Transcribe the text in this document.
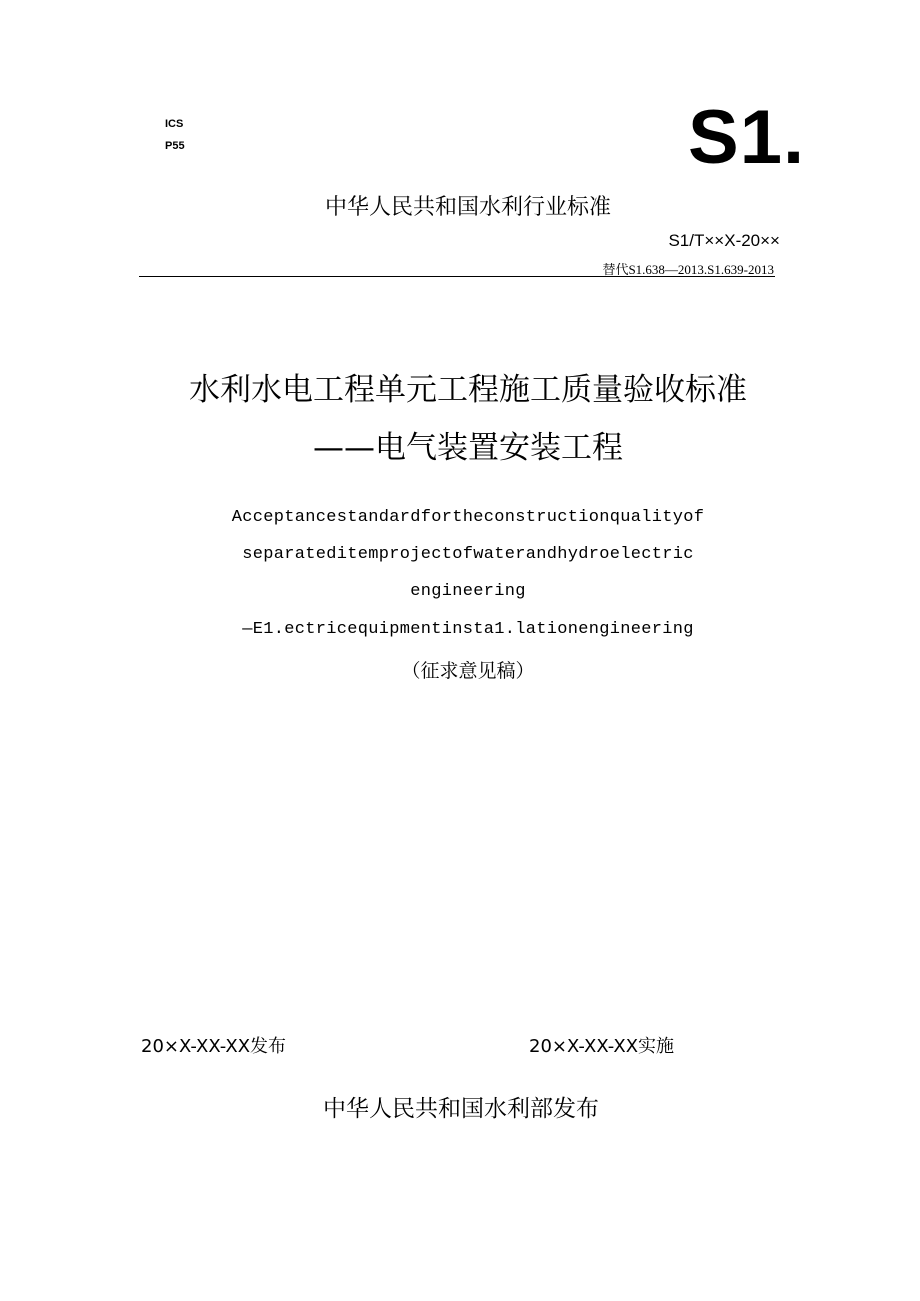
ICS
P55	S1.
中华人民共和国水利行业标准
S1/T××X-20××
替代S1.638—2013.S1.639-2013
水利水电工程单元工程施工质量验收标准
——电气装置安装工程
Acceptancestandardfortheconstructionqualityof
separateditemprojectofwaterandhydroelectric
engineering
—E1.ectricequipmentinsta1.lationengineering
（征求意见稿）
20×X-XX-XX发布	20×X-XX-XX实施
中华人民共和国水利部发布
